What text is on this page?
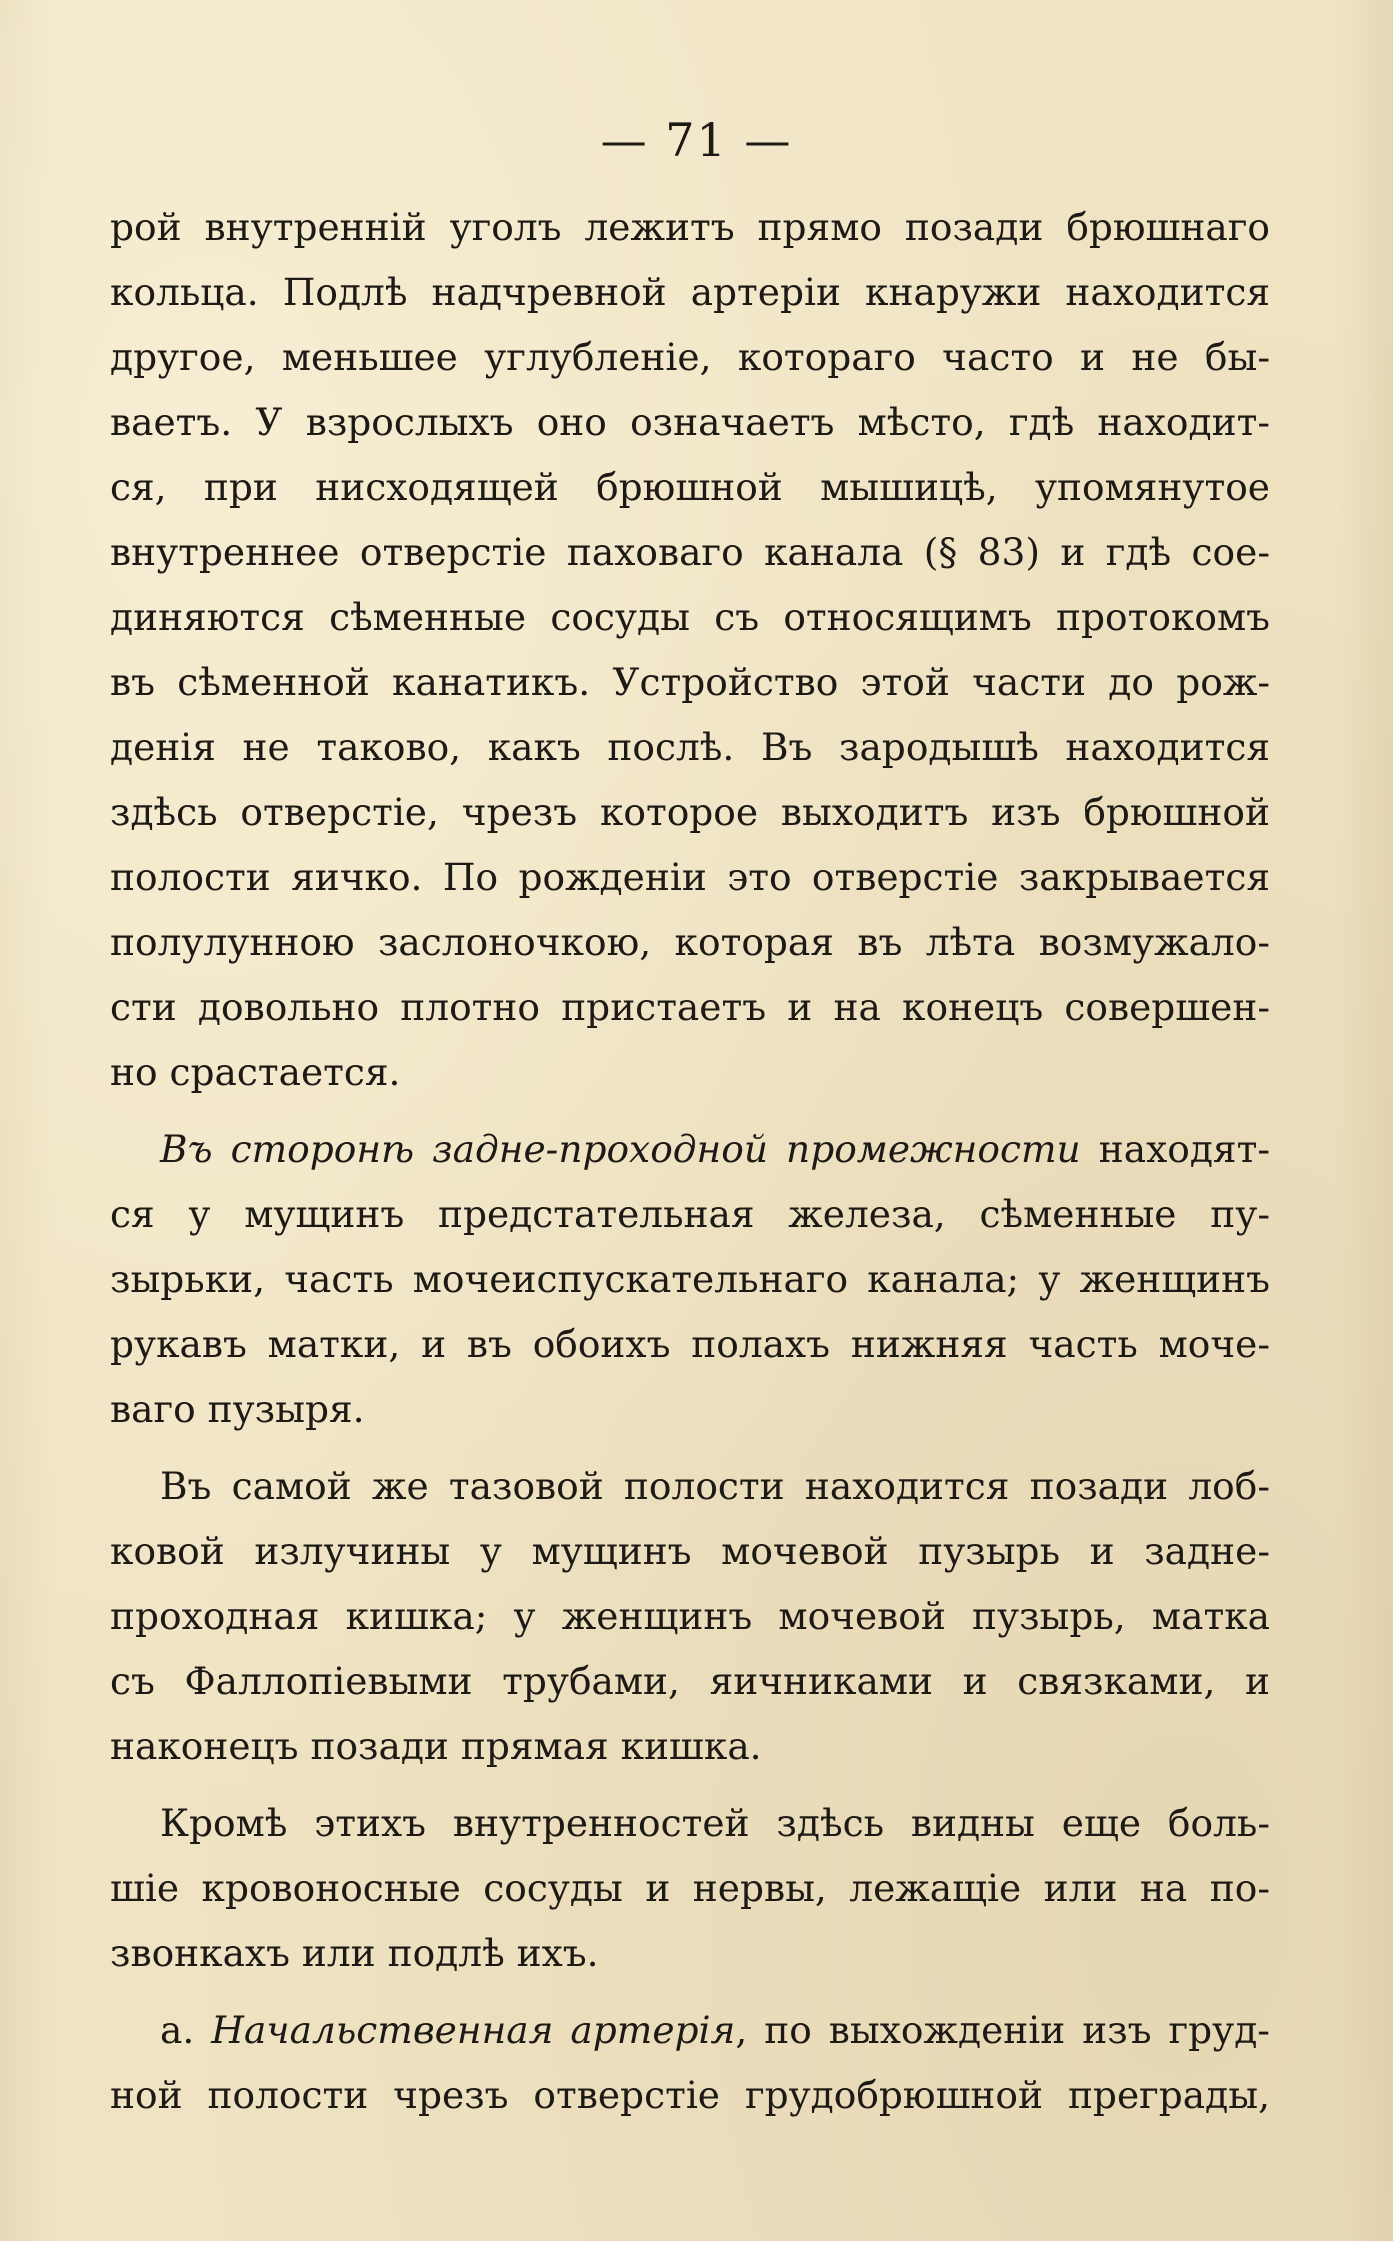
— 71 —
рой внутреннiй уголъ лежитъ прямо позади брюшнаго
кольца. Подлѣ надчревной артерiи кнаружи находится
другое, меньшее углубленiе, котораго часто и не бы-
ваетъ. У взрослыхъ оно означаетъ мѣсто, гдѣ находит-
ся, при нисходящей брюшной мышицѣ, упомянутое
внутреннее отверстiе паховаго канала (§ 83) и гдѣ сое-
диняются сѣменные сосуды съ относящимъ протокомъ
въ сѣменной канатикъ. Устройство этой части до рож-
денiя не таково, какъ послѣ. Въ зародышѣ находится
здѣсь отверстiе, чрезъ которое выходитъ изъ брюшной
полости яичко. По рожденiи это отверстiе закрывается
полулунною заслоночкою, которая въ лѣта возмужало-
сти довольно плотно пристаетъ и на конецъ совершен-
но срастается.
Въ сторонѣ задне-проходной промежности находят-
ся у мущинъ предстательная железа, сѣменные пу-
зырьки, часть мочеиспускательнаго канала; у женщинъ
рукавъ матки, и въ обоихъ полахъ нижняя часть моче-
ваго пузыря.
Въ самой же тазовой полости находится позади лоб-
ковой излучины у мущинъ мочевой пузырь и задне-
проходная кишка; у женщинъ мочевой пузырь, матка
съ Фаллопiевыми трубами, яичниками и связками, и
наконецъ позади прямая кишка.
Кромѣ этихъ внутренностей здѣсь видны еще боль-
шiе кровоносные сосуды и нервы, лежащiе или на по-
звонкахъ или подлѣ ихъ.
а. Начальственная артерiя, по выхожденiи изъ груд-
ной полости чрезъ отверстiе грудобрюшной преграды,
